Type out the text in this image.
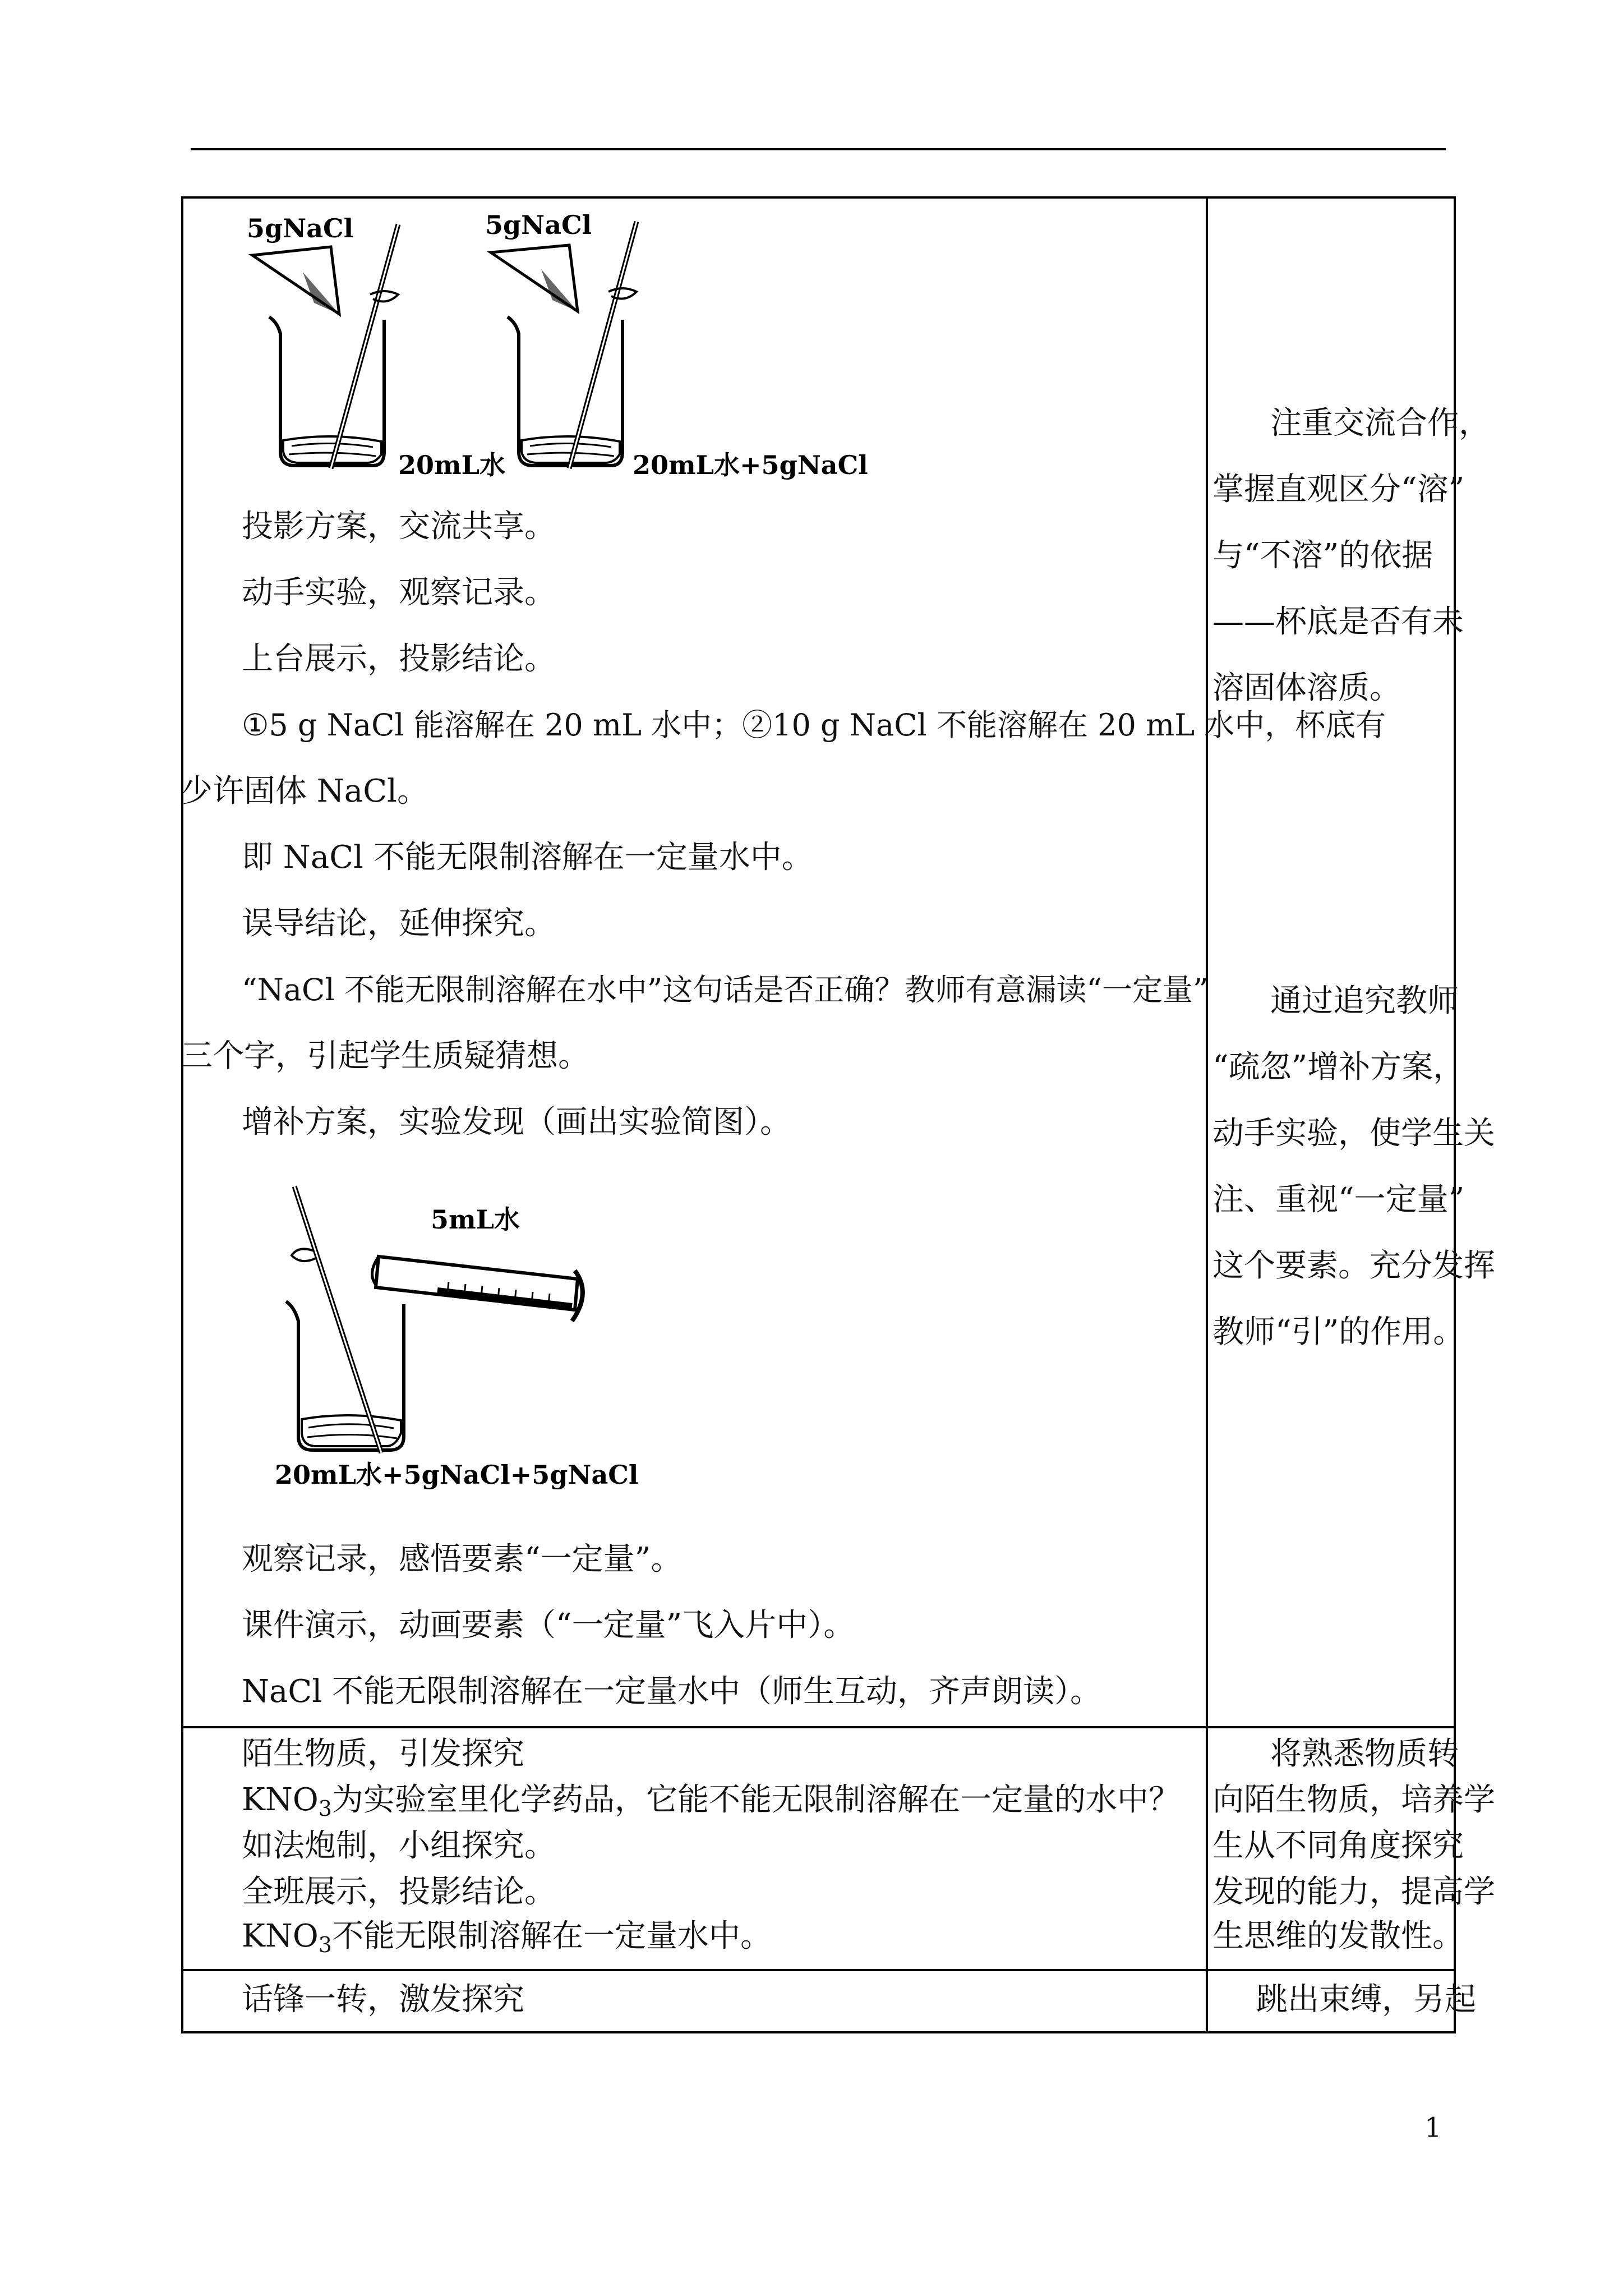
5gNaCl
20mL水
5gNaCl
20mL水+5gNaCl
投影方案，交流共享。
动手实验，观察记录。
上台展示，投影结论。
①5 g NaCl 能溶解在 20 mL 水中；②10 g NaCl 不能溶解在 20 mL 水中，杯底有
少许固体 NaCl。
即 NaCl 不能无限制溶解在一定量水中。
误导结论，延伸探究。
“NaCl 不能无限制溶解在水中”这句话是否正确？教师有意漏读“一定量”
三个字，引起学生质疑猜想。
增补方案，实验发现（画出实验简图）。
5mL水
20mL水+5gNaCl+5gNaCl
观察记录，感悟要素“一定量”。
课件演示，动画要素（“一定量”飞入片中）。
NaCl 不能无限制溶解在一定量水中（师生互动，齐声朗读）。
注重交流合作，
掌握直观区分“溶”
与“不溶”的依据
——杯底是否有未
溶固体溶质。
通过追究教师
“疏忽”增补方案，
动手实验，使学生关
注、重视“一定量”
这个要素。充分发挥
教师“引”的作用。
陌生物质，引发探究
$KNO_3$为实验室里化学药品，它能不能无限制溶解在一定量的水中？
如法炮制，小组探究。
全班展示，投影结论。
将熟悉物质转
向陌生物质，培养学
生从不同角度探究
发现的能力，提高学
$KNO_3$不能无限制溶解在一定量水中。	生思维的发散性。
1
话锋一转，激发探究	跳出束缚，另起
